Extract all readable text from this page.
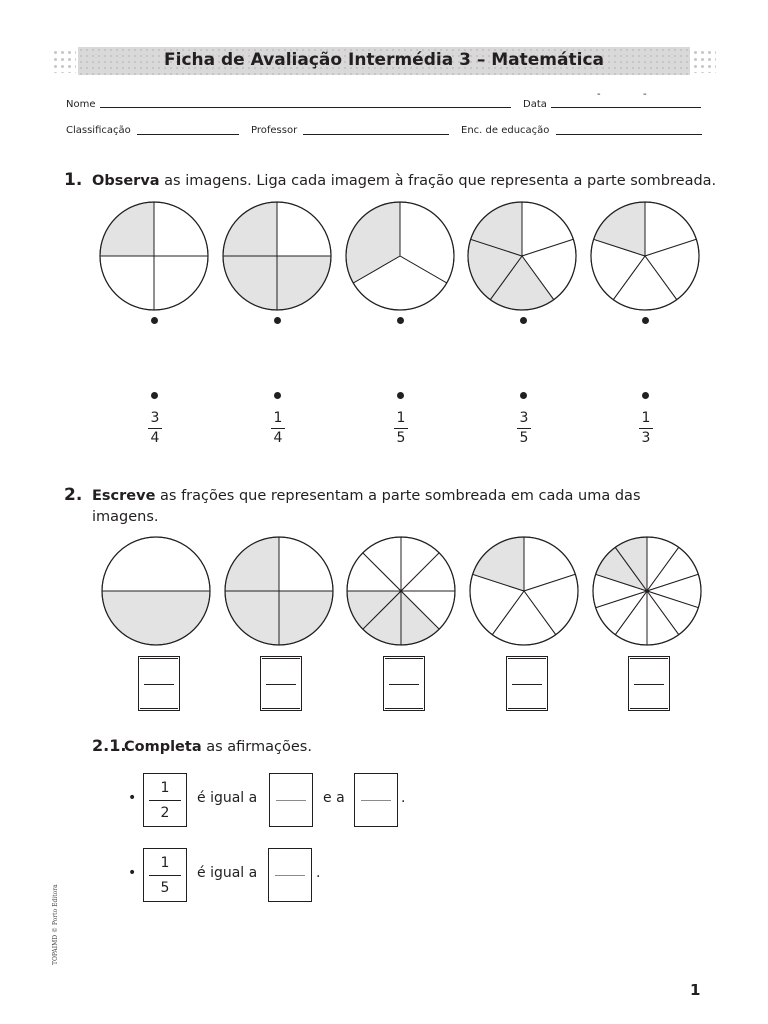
Ficha de Avaliação Intermédia 3 – Matemática
Nome	Data
-	-
Classificação	Professor	Enc. de educação
1. Observa as imagens. Liga cada imagem à fração que representa a parte sombreada.
3
4
1
4
1
5
3
5
1
3
2. Escreve as frações que representam a parte sombreada em cada uma das
imagens.
2.1.
Completa as afirmações.
•
1
2
é igual a	e a	.
•
1
5
é igual a	.
TOPAIMD © Porto Editora
1
